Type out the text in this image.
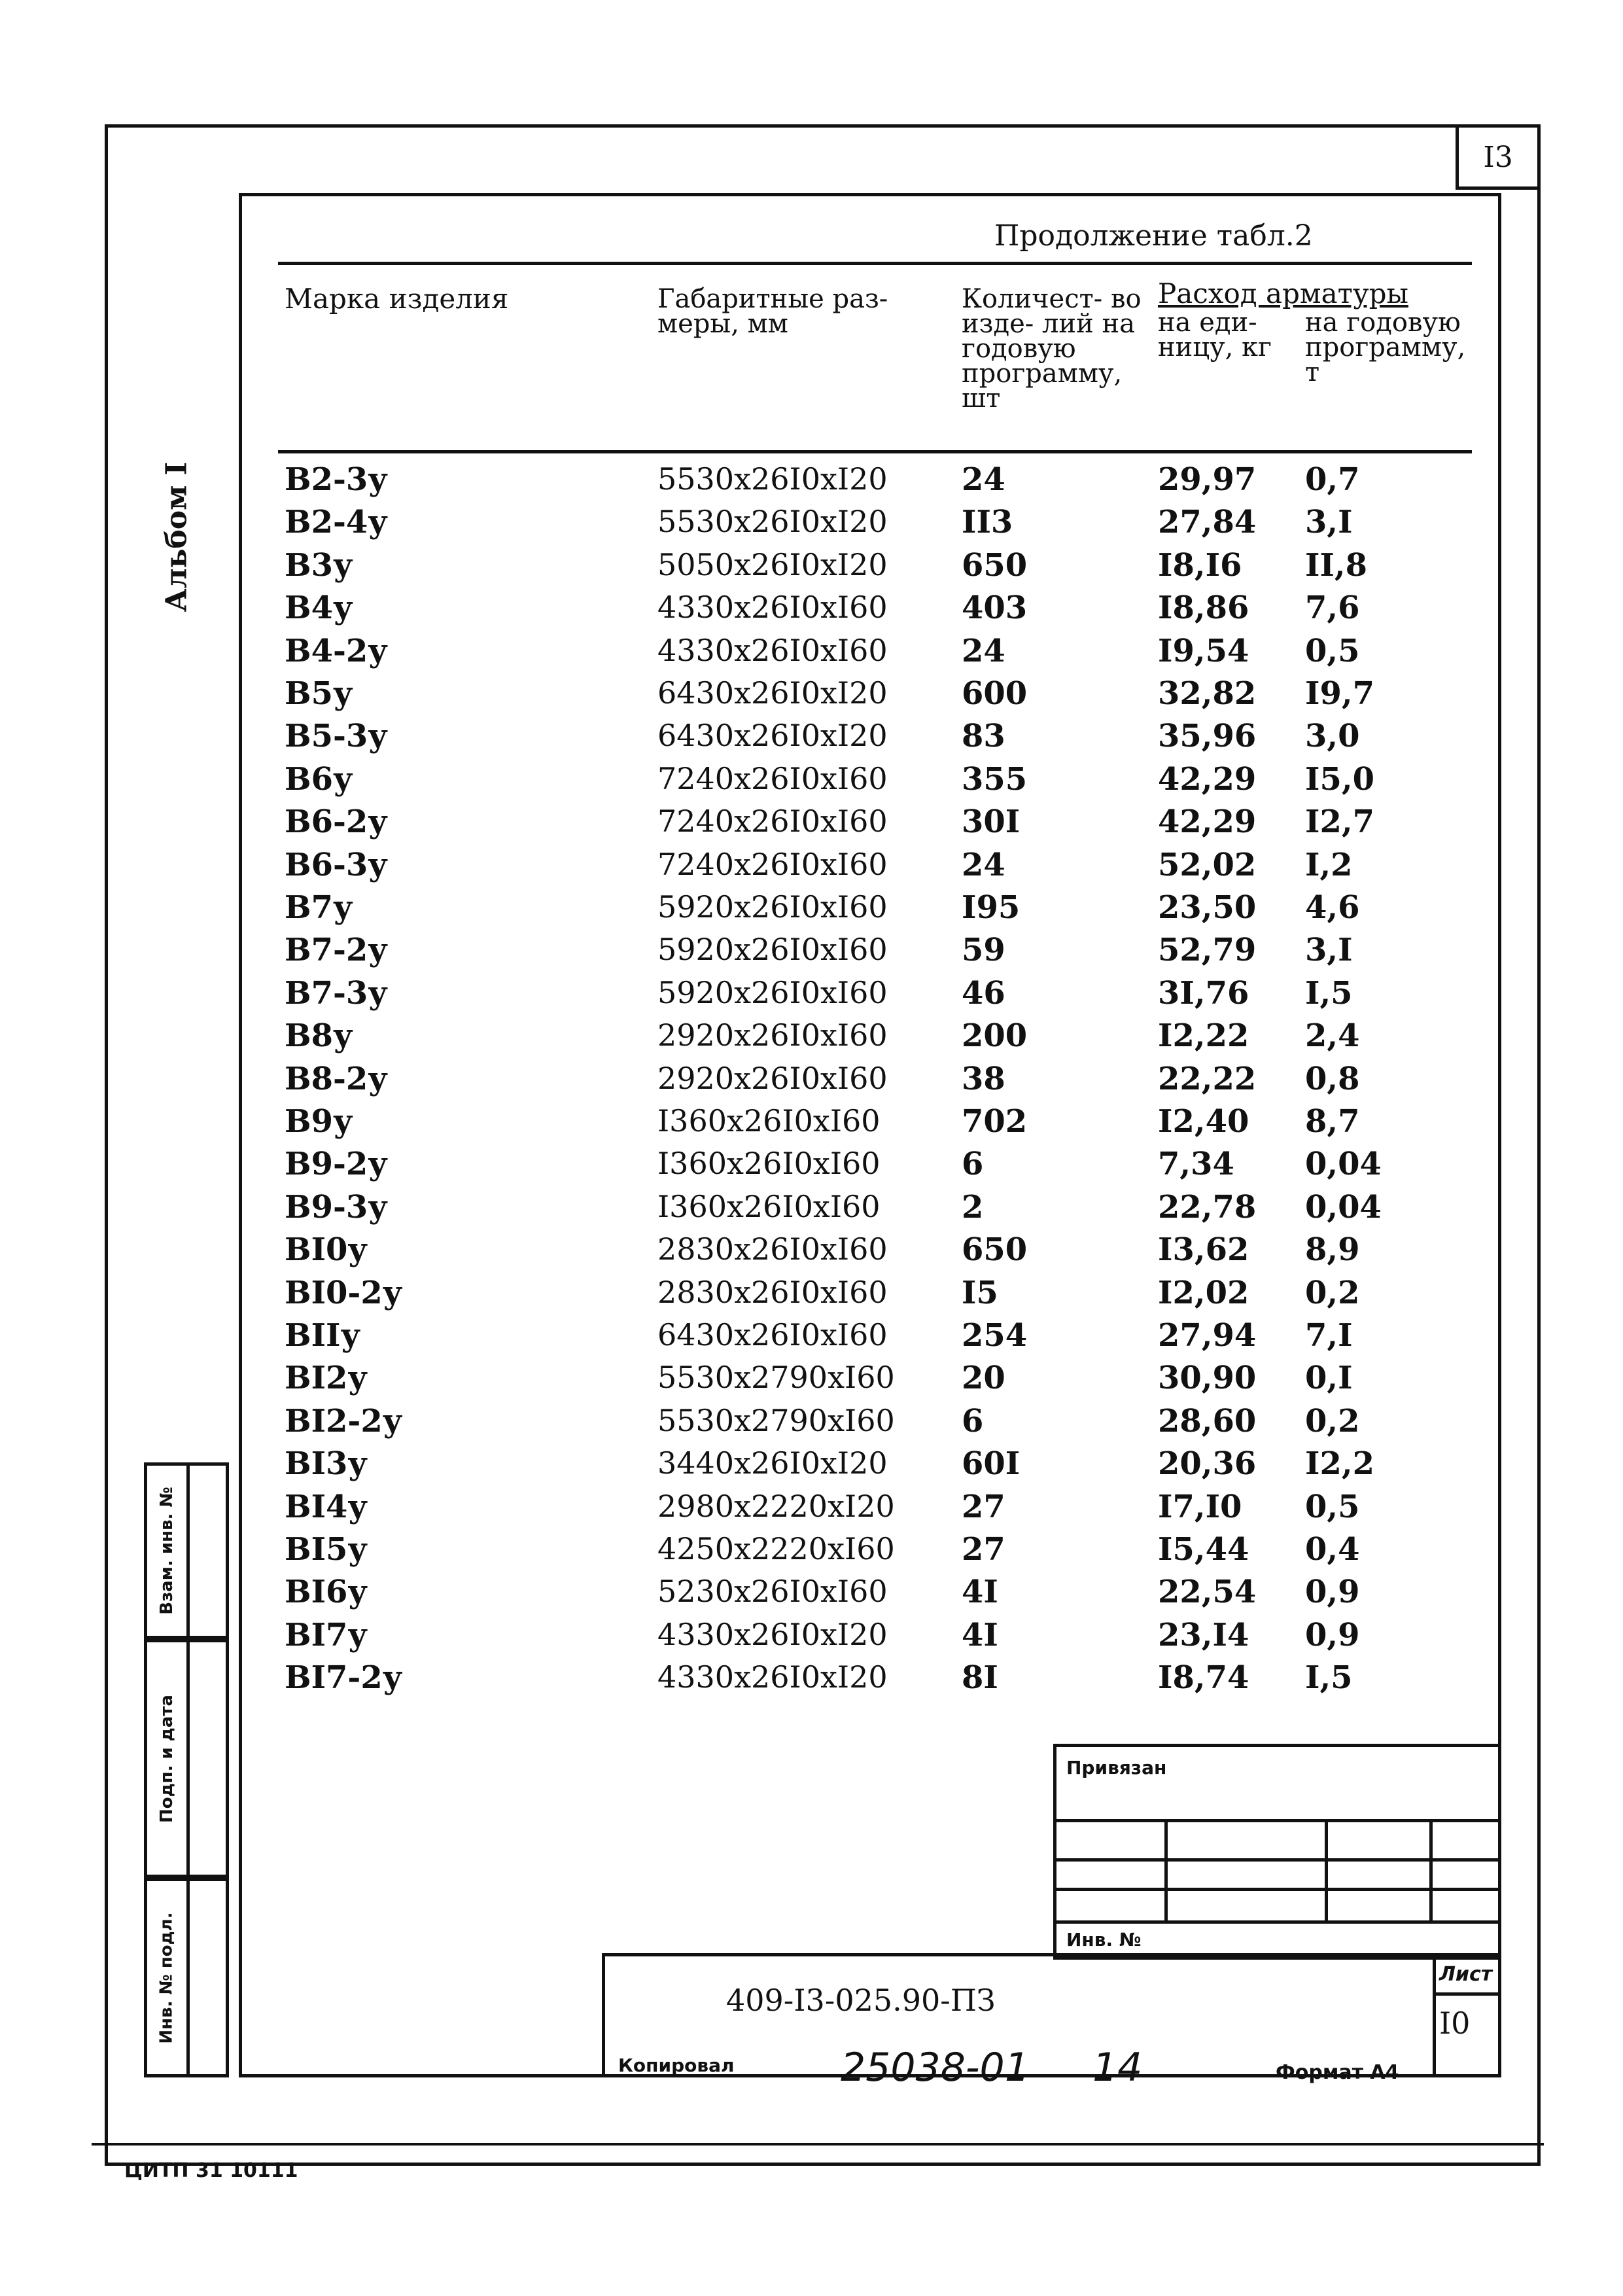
I3
Альбом I
Продолжение табл.2
Марка изделия	Габаритные раз- меры, мм
Количест- во изде- лий на годовую программу, шт
Расход арматуры
на еди- ницу, кг
на годовую программу, т
В2-3у	5530x26I0xI20 24	29,97 0,7
В2-4у	5530x26I0xI20 II3	27,84 3,I
В3у	5050x26I0xI20 650	I8,I6 II,8
В4у	4330x26I0xI60 403	I8,86 7,6
В4-2у	4330x26I0xI60 24	I9,54 0,5
В5у	6430x26I0xI20 600	32,82 I9,7
В5-3у	6430x26I0xI20 83	35,96 3,0
В6у	7240x26I0xI60 355	42,29 I5,0
В6-2у	7240x26I0xI60 30I	42,29 I2,7
В6-3у	7240x26I0xI60 24	52,02 I,2
В7у	5920x26I0xI60 I95	23,50 4,6
В7-2у	5920x26I0xI60 59	52,79 3,I
В7-3у	5920x26I0xI60 46	3I,76 I,5
В8у	2920x26I0xI60 200	I2,22 2,4
В8-2у	2920x26I0xI60 38	22,22 0,8
В9у	I360x26I0xI60	702	I2,40 8,7
В9-2у	I360x26I0xI60	6	7,34 0,04
В9-3у	I360x26I0xI60	2	22,78 0,04
ВI0у	2830x26I0xI60 650	I3,62 8,9
ВI0-2у	2830x26I0xI60 I5	I2,02 0,2
ВIIу	6430x26I0xI60 254	27,94 7,I
ВI2у	5530x2790xI60 20	30,90 0,I
ВI2-2у	5530x2790xI60 6	28,60 0,2
ВI3у	3440x26I0xI20 60I	20,36 I2,2
ВI4у	2980x2220xI20 27	I7,I0 0,5
ВI5у	4250x2220xI60 27	I5,44 0,4
ВI6у	5230x26I0xI60 4I	22,54 0,9
ВI7у	4330x26I0xI20 4I	23,I4 0,9
ВI7-2у	4330x26I0xI20 8I	I8,74 I,5
Взам. инв. №
Подп. и дата
Инв. № подл.
Привязан
Инв. №
409-I3-025.90-ПЗ
Лист
I0
Копировал	25038-01 14	Формат А4
ЦИТП 31 10111
